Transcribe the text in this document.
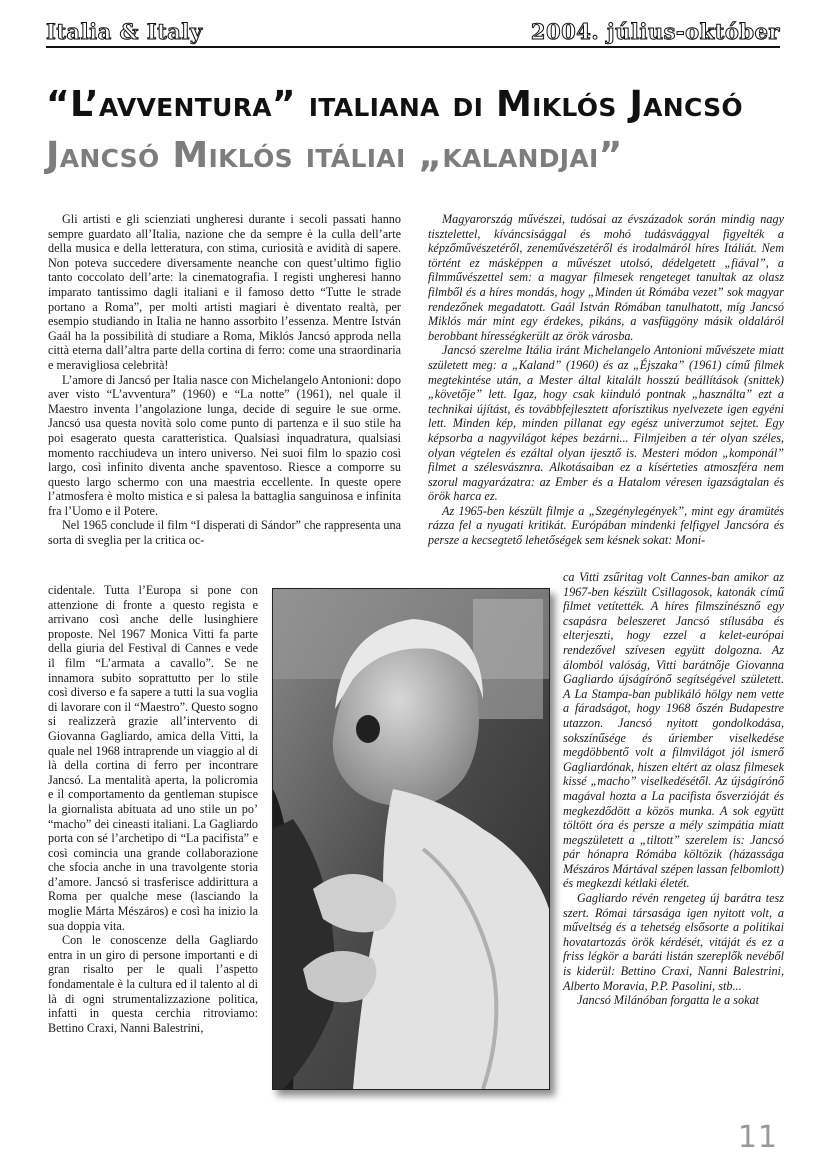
Italia & Italy	2004. július-október
“L’avventura” italiana di Miklós Jancsó
Jancsó Miklós itáliai „kalandjai”

Gli artisti e gli scienziati ungheresi durante i secoli passati hanno sempre guardato all’Italia, nazione che da sempre è la culla dell’arte della musica e della letteratura, con stima, curiosità e avidità di sapere. Non poteva succedere diversamente neanche con quest’ultimo figlio tanto coccolato dell’arte: la cinematografia. I registi ungheresi hanno imparato tantissimo dagli italiani e il famoso detto “Tutte le strade portano a Roma”, per molti artisti magiari è diventato realtà, per esempio studiando in Italia ne hanno assorbito l’essenza. Mentre István Gaál ha la possibilità di studiare a Roma, Miklós Jancsó approda nella città eterna dall’altra parte della cortina di ferro: come una straordinaria e meravigliosa celebrità!

L’amore di Jancsó per Italia nasce con Michelangelo Antonioni: dopo aver visto “L’avventura” (1960) e “La notte” (1961), nel quale il Maestro inventa l’angolazione lunga, decide di seguire le sue orme. Jancsó usa questa novità solo come punto di partenza e il suo stile ha poi esagerato questa caratteristica. Qualsiasi inquadratura, qualsiasi momento racchiudeva un intero universo. Nei suoi film lo spazio così largo, così infinito diventa anche spaventoso. Riesce a comporre su questo largo schermo con una maestria eccellente. In queste opere l’atmosfera è molto mistica e si palesa la battaglia sanguinosa e infinita fra l’Uomo e il Potere.

Nel 1965 conclude il film “I disperati di Sándor” che rappresenta una sorta di sveglia per la critica oc-

cidentale. Tutta l’Europa si pone con attenzione di fronte a questo regista e arrivano così anche delle lusinghiere proposte. Nel 1967 Monica Vitti fa parte della giuria del Festival di Cannes e vede il film “L’armata a cavallo”. Se ne innamora subito soprattutto per lo stile così diverso e fa sapere a tutti la sua voglia di lavorare con il “Maestro”. Questo sogno si realizzerà grazie all’intervento di Giovanna Gagliardo, amica della Vitti, la quale nel 1968 intraprende un viaggio al di là della cortina di ferro per incontrare Jancsó. La mentalità aperta, la policromia e il comportamento da gentleman stupisce la giornalista abituata ad uno stile un po’ “macho” dei cineasti italiani. La Gagliardo porta con sé l’archetipo di “La pacifista” e così comincia una grande collaborazione che sfocia anche in una travolgente storia d’amore. Jancsó si trasferisce addirittura a Roma per qualche mese (lasciando la moglie Márta Mészáros) e così ha inizio la sua doppia vita.

Con le conoscenze della Gagliardo entra in un giro di persone importanti e di gran risalto per le quali l’aspetto fondamentale è la cultura ed il talento al di là di ogni strumentalizzazione politica, infatti in questa cerchia ritroviamo: Bettino Craxi, Nanni Balestrini,

Magyarország művészei, tudósai az évszázadok során mindig nagy tisztelettel, kíváncsisággal és mohó tudásvággyal figyelték a képzőművészetéről, zeneművészetéről és irodalmáról híres Itáliát. Nem történt ez másképpen a művészet utolsó, dédelgetett „fiával”, a filmművészettel sem: a magyar filmesek rengeteget tanultak az olasz filmből és a híres mondás, hogy „Minden út Rómába vezet” sok magyar rendezőnek megadatott. Gaál István Rómában tanulhatott, míg Jancsó Miklós már mint egy érdekes, pikáns, a vasfüggöny másik oldaláról berobbant hírességkerült az örök városba.

Jancsó szerelme Itália iránt Michelangelo Antonioni művészete miatt született meg: a „Kaland” (1960) és az „Éjszaka” (1961) című filmek megtekintése után, a Mester által kitalált hosszú beállítások (snittek) „követője” lett. Igaz, hogy csak kiinduló pontnak „használta” ezt a technikai újítást, és továbbfejlesztett aforisztikus nyelvezete igen egyéni lett. Minden kép, minden pillanat egy egész univerzumot sejtet. Egy képsorba a nagyvilágot képes bezárni... Filmjeiben a tér olyan széles, olyan végtelen és ezáltal olyan ijesztő is. Mesteri módon „komponál” filmet a szélesvásznra. Alkotásaiban ez a kísérteties atmoszféra nem szorul magyarázatra: az Ember és a Hatalom véresen igazságtalan és örök harca ez.

Az 1965-ben készült filmje a „Szegénylegények”, mint egy áramütés rázza fel a nyugati kritikát. Európában mindenki felfigyel Jancsóra és persze a kecsegtető lehetőségek sem késnek sokat: Moni-

ca Vitti zsűritag volt Cannes-ban amikor az 1967-ben készült Csillagosok, katonák című filmet vetítették. A híres filmszínésznő egy csapásra beleszeret Jancsó stílusába és elterjeszti, hogy ezzel a kelet-európai rendezővel szívesen együtt dolgozna. Az álomból valóság, Vitti barátnője Giovanna Gagliardo újságírónő segítségével született. A La Stampa-ban publikáló hölgy nem vette a fáradságot, hogy 1968 őszén Budapestre utazzon. Jancsó nyitott gondolkodása, sokszínűsége és úriember viselkedése megdöbbentő volt a filmvilágot jól ismerő Gagliardónak, hiszen eltért az olasz filmesek kissé „macho” viselkedésétől. Az újságírónő magával hozta a La pacifista ősverzióját és megkezdődött a közös munka. A sok együtt töltött óra és persze a mély szimpátia miatt megszületett a „tiltott” szerelem is: Jancsó pár hónapra Rómába költözik (házassága Mészáros Mártával szépen lassan felbomlott) és megkezdi kétlaki életét.

Gagliardo révén rengeteg új barátra tesz szert. Római társasága igen nyitott volt, a műveltség és a tehetség elsősorte a politikai hovatartozás örök kérdését, vitáját és ez a friss légkör a baráti listán szereplők nevéből is kiderül: Bettino Craxi, Nanni Balestrini, Alberto Moravia, P.P. Pasolini, stb...

Jancsó Milánóban forgatta le a sokat

11
